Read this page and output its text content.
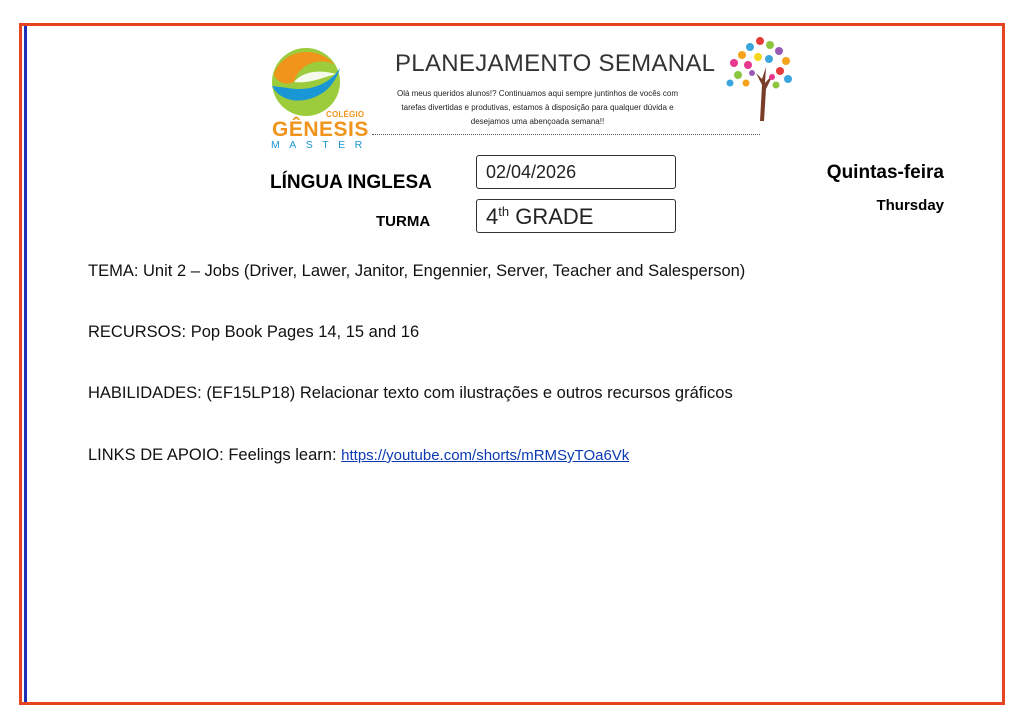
COLÉGIO
GÊNESIS
MASTER
PLANEJAMENTO SEMANAL
Olá meus queridos alunos!? Continuamos aqui sempre juntinhos de vocês com tarefas divertidas e produtivas, estamos à disposição para qualquer dúvida e desejamos uma abençoada semana!!
LÍNGUA INGLESA
TURMA
02/04/2026
4th GRADE
Quintas-feira
Thursday
TEMA: Unit 2 – Jobs (Driver, Lawer, Janitor, Engennier, Server, Teacher and Salesperson)
RECURSOS: Pop Book Pages 14, 15 and 16
HABILIDADES: (EF15LP18) Relacionar texto com ilustrações e outros recursos gráficos
LINKS DE APOIO: Feelings learn: https://youtube.com/shorts/mRMSyTOa6Vk
